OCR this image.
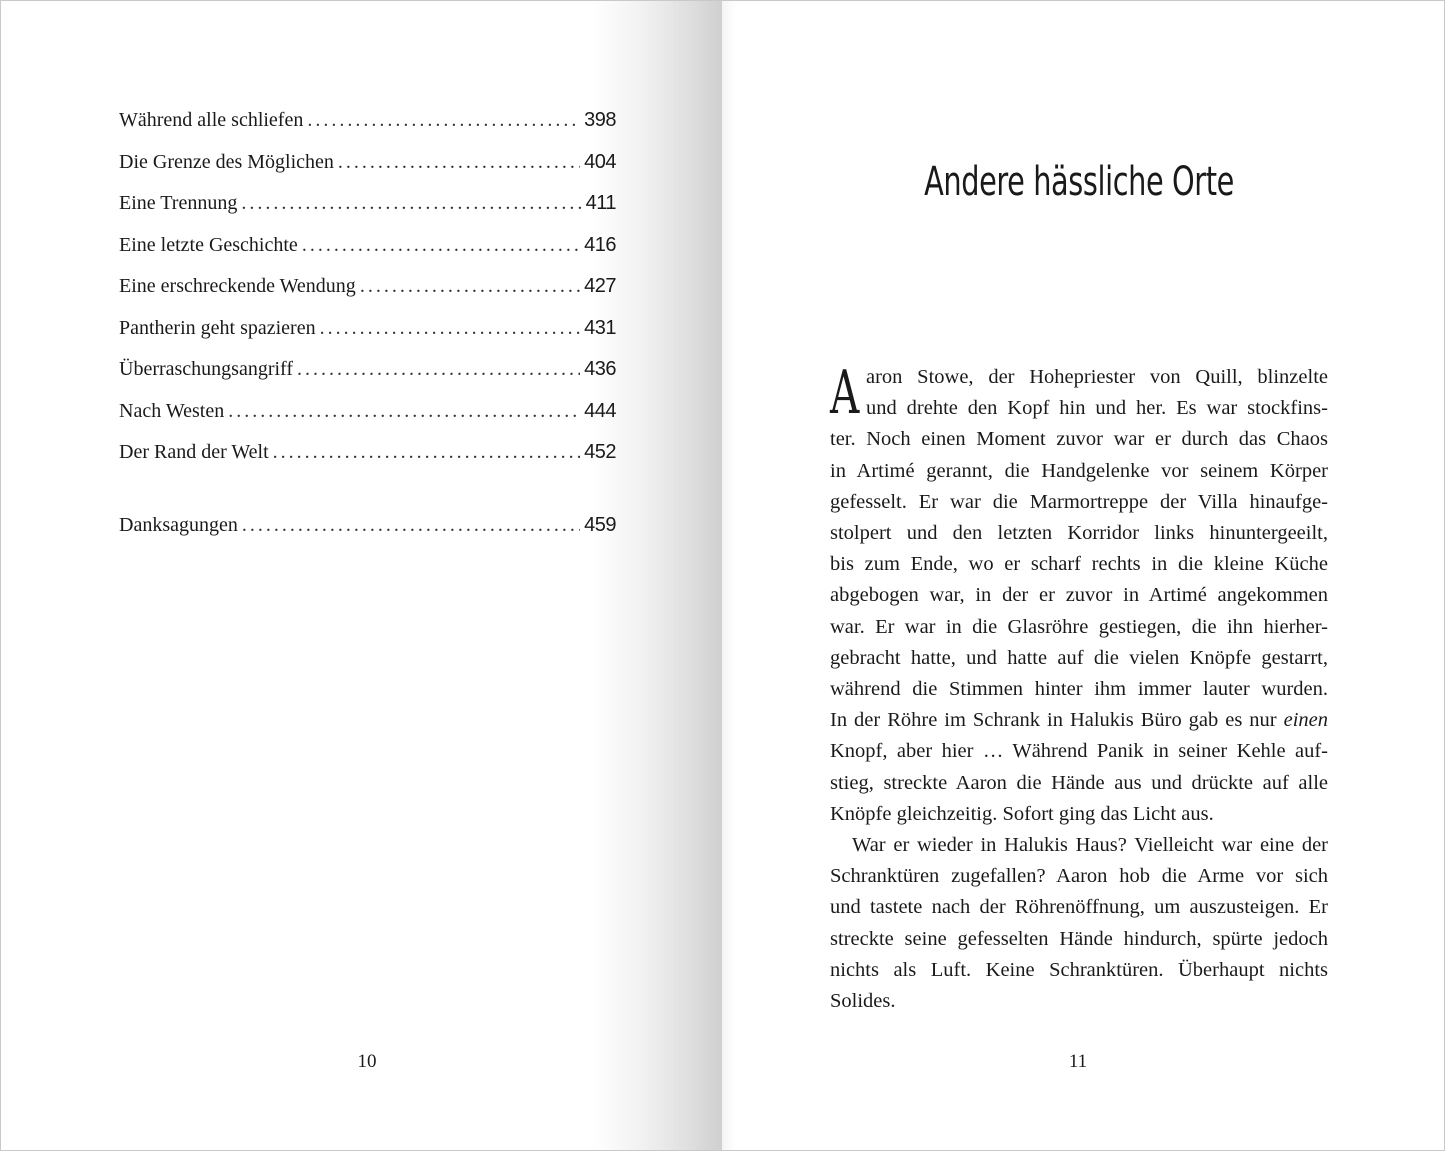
Während alle schliefen . . .	398
Die Grenze des Möglichen . . .	404
Eine Trennung . . .	411
Eine letzte Geschichte . . .	416
Eine erschreckende Wendung . . .	427
Pantherin geht spazieren . . .	431
Überraschungsangriff . . .	436
Nach Westen . . .	444
Der Rand der Welt . . .	452
Danksagungen . . .	459
10
Andere hässliche Orte

A aron Stowe, der Hohepriester von Quill, blinzelte
und drehte den Kopf hin und her. Es war stockfins-
ter. Noch einen Moment zuvor war er durch das Chaos
in Artimé gerannt, die Handgelenke vor seinem Körper
gefesselt. Er war die Marmortreppe der Villa hinaufge-
stolpert und den letzten Korridor links hinuntergeeilt,
bis zum Ende, wo er scharf rechts in die kleine Küche
abgebogen war, in der er zuvor in Artimé angekommen
war. Er war in die Glasröhre gestiegen, die ihn hierher-
gebracht hatte, und hatte auf die vielen Knöpfe gestarrt,
während die Stimmen hinter ihm immer lauter wurden.
In der Röhre im Schrank in Halukis Büro gab es nur einen
Knopf, aber hier … Während Panik in seiner Kehle auf-
stieg, streckte Aaron die Hände aus und drückte auf alle
Knöpfe gleichzeitig. Sofort ging das Licht aus.

War er wieder in Halukis Haus? Vielleicht war eine der
Schranktüren zugefallen? Aaron hob die Arme vor sich
und tastete nach der Röhrenöffnung, um auszusteigen. Er
streckte seine gefesselten Hände hindurch, spürte jedoch
nichts als Luft. Keine Schranktüren. Überhaupt nichts
Solides.

11
